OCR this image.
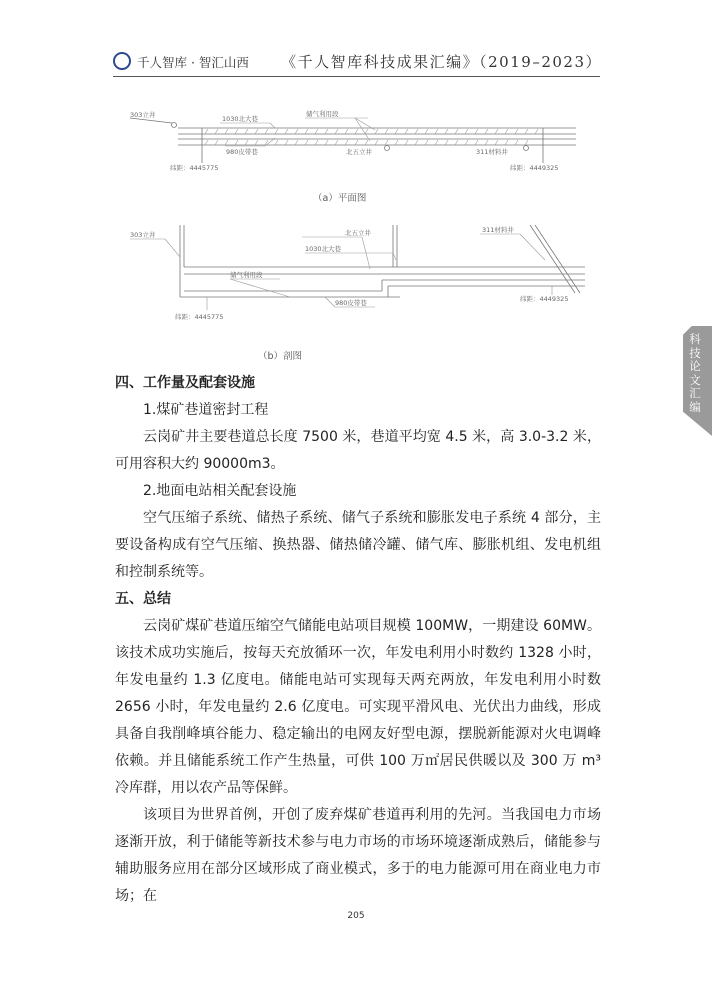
千人智库 · 智汇山西 《千人智库科技成果汇编》（2019–2023）
科技论文汇编
303立井	1030北大巷
储气利用段
980皮带巷	北五立井	311材料井
纬距：4445775	纬距：4449325
（a）平面图
303立井
1030北大巷
储气利用段
980皮带巷
北五立井	311材料井
纬距：4445775
纬距：4449325
（b）剖图

四、工作量及配套设施

1.煤矿巷道密封工程

云岗矿井主要巷道总长度 7500 米，巷道平均宽 4.5 米，高 3.0-3.2 米，可用容积大约 90000m3。

2.地面电站相关配套设施

空气压缩子系统、储热子系统、储气子系统和膨胀发电子系统 4 部分，主要设备构成有空气压缩、换热器、储热储冷罐、储气库、膨胀机组、发电机组和控制系统等。

五、总结

云岗矿煤矿巷道压缩空气储能电站项目规模 100MW，一期建设 60MW。该技术成功实施后，按每天充放循环一次，年发电利用小时数约 1328 小时，年发电量约 1.3 亿度电。储能电站可实现每天两充两放，年发电利用小时数 2656 小时，年发电量约 2.6 亿度电。可实现平滑风电、光伏出力曲线，形成具备自我削峰填谷能力、稳定输出的电网友好型电源，摆脱新能源对火电调峰依赖。并且储能系统工作产生热量，可供 100 万㎡居民供暖以及 300 万 m³ 冷库群，用以农产品等保鲜。

该项目为世界首例，开创了废弃煤矿巷道再利用的先河。当我国电力市场逐渐开放，利于储能等新技术参与电力市场的市场环境逐渐成熟后，储能参与辅助服务应用在部分区域形成了商业模式，多于的电力能源可用在商业电力市场；在

205
